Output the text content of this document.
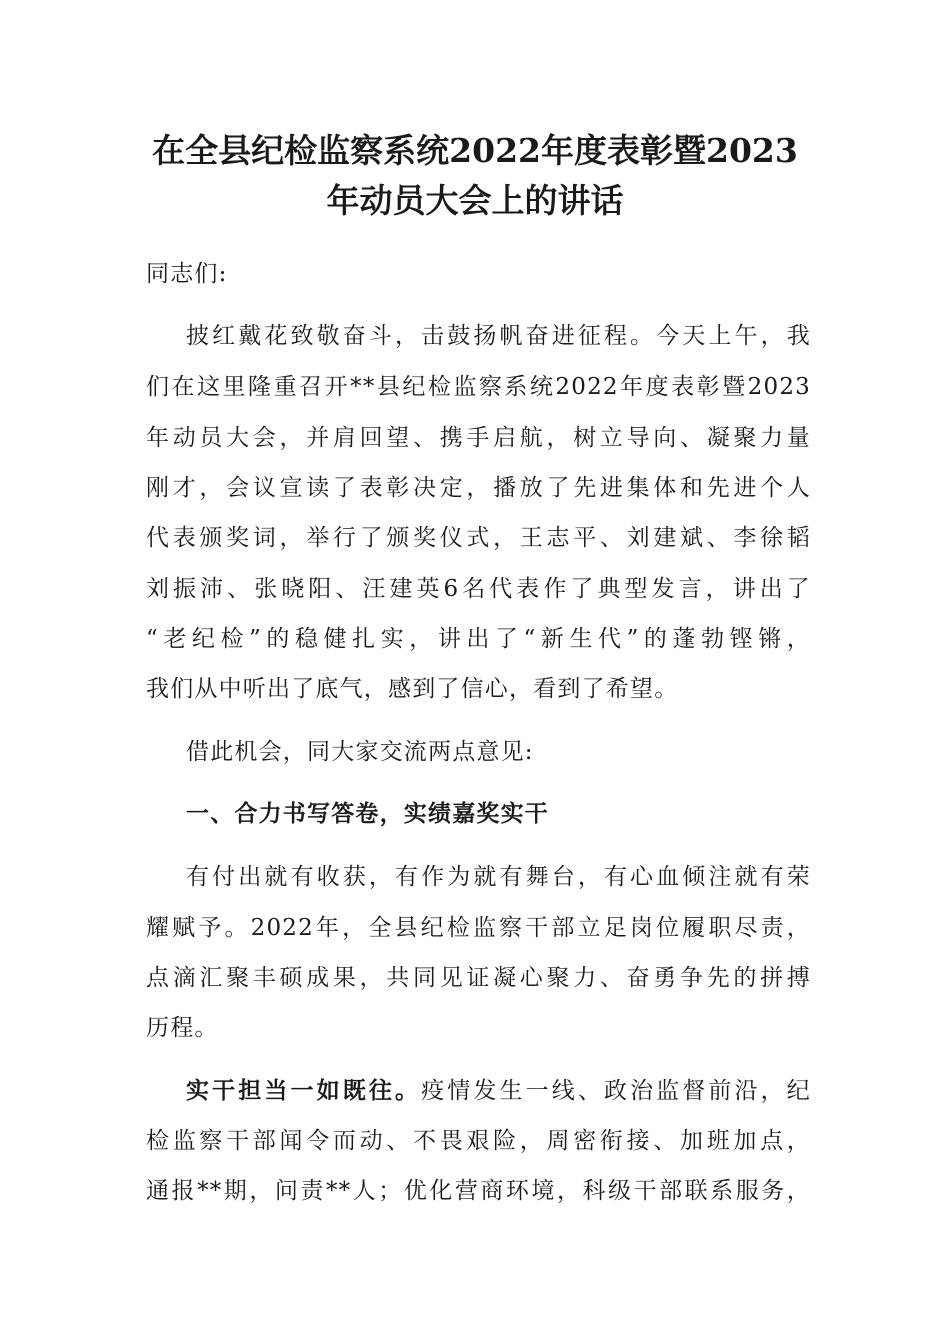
在全县纪检监察系统2022年度表彰暨2023
年动员大会上的讲话
同志们:
披红戴花致敬奋斗，击鼓扬帆奋进征程。今天上午，我
们在这里隆重召开**县纪检监察系统2022年度表彰暨2023
年动员大会，并肩回望、携手启航，树立导向、凝聚力量
刚才，会议宣读了表彰决定，播放了先进集体和先进个人
代表颁奖词，举行了颁奖仪式，王志平、刘建斌、李徐韬
刘振沛、张晓阳、汪建英6名代表作了典型发言，讲出了
“老纪检”的稳健扎实，讲出了“新生代”的蓬勃铿锵，
我们从中听出了底气，感到了信心，看到了希望。
借此机会，同大家交流两点意见:
一、合力书写答卷，实绩嘉奖实干
有付出就有收获，有作为就有舞台，有心血倾注就有荣
耀赋予。2022年，全县纪检监察干部立足岗位履职尽责，
点滴汇聚丰硕成果，共同见证凝心聚力、奋勇争先的拼搏
历程。
实干担当一如既往。疫情发生一线、政治监督前沿，纪
检监察干部闻令而动、不畏艰险，周密衔接、加班加点，
通报**期，问责**人；优化营商环境，科级干部联系服务，
